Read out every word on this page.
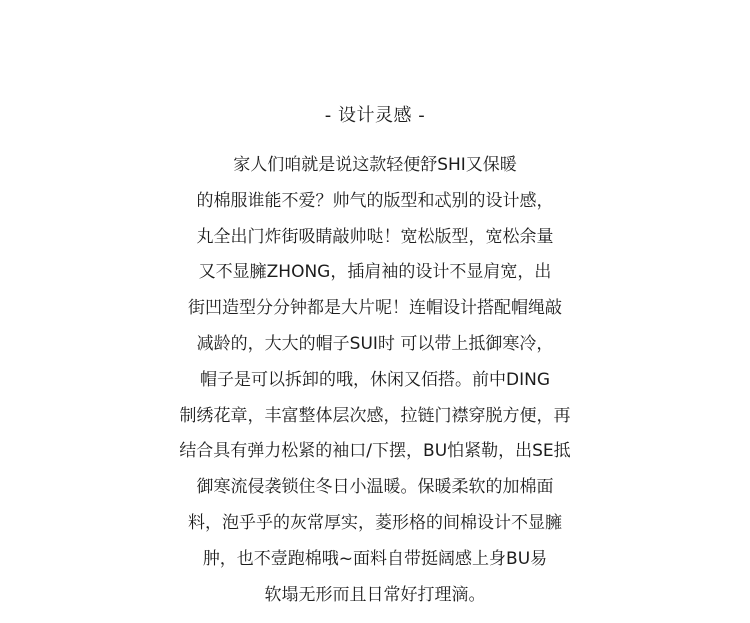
- 设计灵感 -
家人们咱就是说这款轻便舒SHI又保暖
的棉服谁能不爱？帅气的版型和忒别的设计感，
丸全出门炸街吸睛敲帅哒！宽松版型，宽松余量
又不显臃ZHONG，插肩袖的设计不显肩宽，出
街凹造型分分钟都是大片呢！连帽设计搭配帽绳敲
减龄的，大大的帽子SUI时 可以带上抵御寒冷，
帽子是可以拆卸的哦，休闲又佰搭。前中DING
制绣花章，丰富整体层次感，拉链门襟穿脱方便，再
结合具有弹力松紧的袖口/下摆，BU怕紧勒，出SE抵
御寒流侵袭锁住冬日小温暖。保暖柔软的加棉面
料，泡乎乎的灰常厚实，菱形格的间棉设计不显臃
肿，也不壹跑棉哦~面料自带挺阔感上身BU易
软塌无形而且日常好打理滴。
